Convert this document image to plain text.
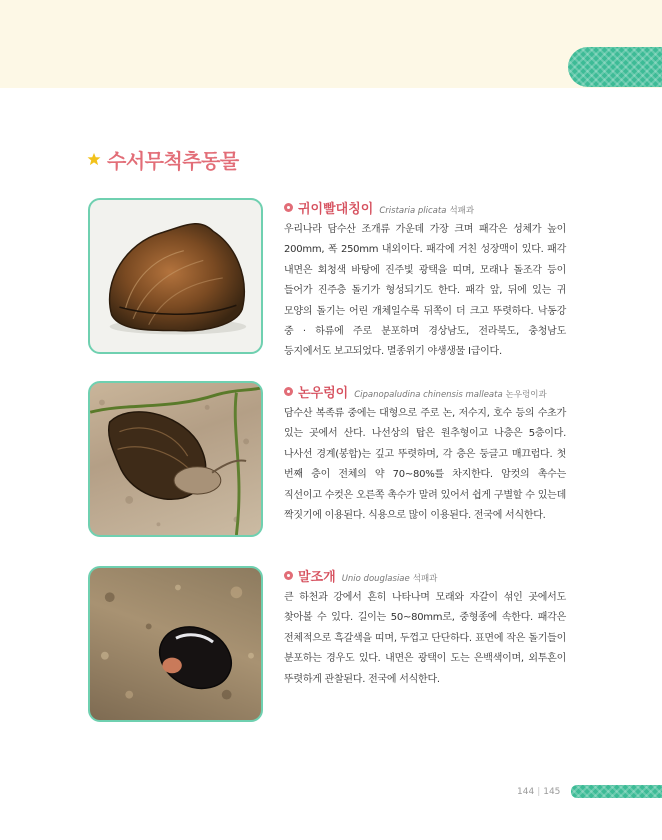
수서무척추동물
귀이빨대칭이 Cristaria plicata 석패과
우리나라 담수산 조개류 가운데 가장 크며 패각은 성체가 높이 200mm, 폭 250mm 내외이다. 패각에 거친 성장맥이 있다. 패각 내면은 회청색 바탕에 진주빛 광택을 띠며, 모래나 돌조각 등이 들어가 진주층 돌기가 형성되기도 한다. 패각 앞, 뒤에 있는 귀 모양의 돌기는 어린 개체일수록 뒤쪽이 더 크고 뚜렷하다. 낙동강 중 · 하류에 주로 분포하며 경상남도, 전라북도, 충청남도 등지에서도 보고되었다. 멸종위기 야생생물 Ⅰ급이다.
논우렁이 Cipanopaludina chinensis malleata 논우렁이과
담수산 복족류 중에는 대형으로 주로 논, 저수지, 호수 등의 수초가 있는 곳에서 산다. 나선상의 탑은 원추형이고 나층은 5층이다. 나사선 경계(봉합)는 깊고 뚜렷하며, 각 층은 둥글고 매끄럽다. 첫 번째 층이 전체의 약 70~80%를 차지한다. 암컷의 촉수는 직선이고 수컷은 오른쪽 촉수가 말려 있어서 쉽게 구별할 수 있는데 짝짓기에 이용된다. 식용으로 많이 이용된다. 전국에 서식한다.
말조개 Unio douglasiae 석패과
큰 하천과 강에서 흔히 나타나며 모래와 자갈이 섞인 곳에서도 찾아볼 수 있다. 길이는 50~80mm로, 중형종에 속한다. 패각은 전체적으로 흑갈색을 띠며, 두껍고 단단하다. 표면에 작은 돌기들이 분포하는 경우도 있다. 내면은 광택이 도는 은백색이며, 외투흔이 뚜렷하게 관찰된다. 전국에 서식한다.
144 | 145
